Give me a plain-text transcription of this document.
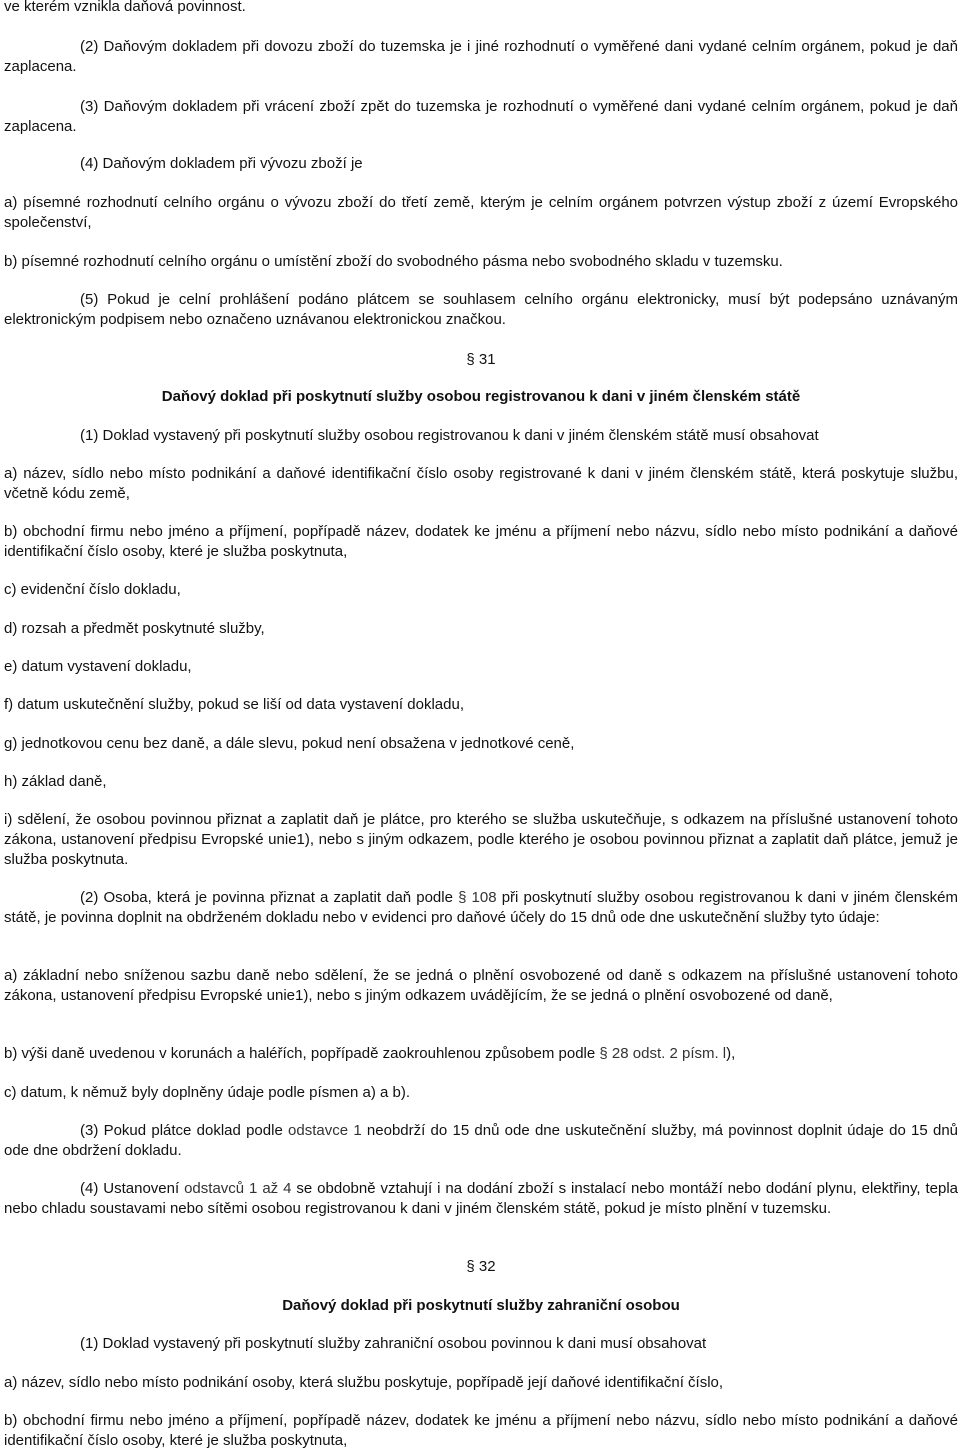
ve kterém vznikla daňová povinnost.

(2) Daňovým dokladem při dovozu zboží do tuzemska je i jiné rozhodnutí o vyměřené dani vydané celním orgánem, pokud je daň zaplacena.

(3) Daňovým dokladem při vrácení zboží zpět do tuzemska je rozhodnutí o vyměřené dani vydané celním orgánem, pokud je daň zaplacena.

(4) Daňovým dokladem při vývozu zboží je

a) písemné rozhodnutí celního orgánu o vývozu zboží do třetí země, kterým je celním orgánem potvrzen výstup zboží z území Evropského společenství,

b) písemné rozhodnutí celního orgánu o umístění zboží do svobodného pásma nebo svobodného skladu v tuzemsku.

(5) Pokud je celní prohlášení podáno plátcem se souhlasem celního orgánu elektronicky, musí být podepsáno uznávaným elektronickým podpisem nebo označeno uznávanou elektronickou značkou.

§ 31

Daňový doklad při poskytnutí služby osobou registrovanou k dani v jiném členském státě

(1) Doklad vystavený při poskytnutí služby osobou registrovanou k dani v jiném členském státě musí obsahovat

a) název, sídlo nebo místo podnikání a daňové identifikační číslo osoby registrované k dani v jiném členském státě, která poskytuje službu, včetně kódu země,

b) obchodní firmu nebo jméno a příjmení, popřípadě název, dodatek ke jménu a příjmení nebo názvu, sídlo nebo místo podnikání a daňové identifikační číslo osoby, které je služba poskytnuta,

c) evidenční číslo dokladu,

d) rozsah a předmět poskytnuté služby,

e) datum vystavení dokladu,

f) datum uskutečnění služby, pokud se liší od data vystavení dokladu,

g) jednotkovou cenu bez daně, a dále slevu, pokud není obsažena v jednotkové ceně,

h) základ daně,

i) sdělení, že osobou povinnou přiznat a zaplatit daň je plátce, pro kterého se služba uskutečňuje, s odkazem na příslušné ustanovení tohoto zákona, ustanovení předpisu Evropské unie1), nebo s jiným odkazem, podle kterého je osobou povinnou přiznat a zaplatit daň plátce, jemuž je služba poskytnuta.

(2) Osoba, která je povinna přiznat a zaplatit daň podle § 108 při poskytnutí služby osobou registrovanou k dani v jiném členském státě, je povinna doplnit na obdrženém dokladu nebo v evidenci pro daňové účely do 15 dnů ode dne uskutečnění služby tyto údaje:

a) základní nebo sníženou sazbu daně nebo sdělení, že se jedná o plnění osvobozené od daně s odkazem na příslušné ustanovení tohoto zákona, ustanovení předpisu Evropské unie1), nebo s jiným odkazem uvádějícím, že se jedná o plnění osvobozené od daně,

b) výši daně uvedenou v korunách a haléřích, popřípadě zaokrouhlenou způsobem podle § 28 odst. 2 písm. l),

c) datum, k němuž byly doplněny údaje podle písmen a) a b).

(3) Pokud plátce doklad podle odstavce 1 neobdrží do 15 dnů ode dne uskutečnění služby, má povinnost doplnit údaje do 15 dnů ode dne obdržení dokladu.

(4) Ustanovení odstavců 1 až 4 se obdobně vztahují i na dodání zboží s instalací nebo montáží nebo dodání plynu, elektřiny, tepla nebo chladu soustavami nebo sítěmi osobou registrovanou k dani v jiném členském státě, pokud je místo plnění v tuzemsku.

§ 32

Daňový doklad při poskytnutí služby zahraniční osobou

(1) Doklad vystavený při poskytnutí služby zahraniční osobou povinnou k dani musí obsahovat

a) název, sídlo nebo místo podnikání osoby, která službu poskytuje, popřípadě její daňové identifikační číslo,

b) obchodní firmu nebo jméno a příjmení, popřípadě název, dodatek ke jménu a příjmení nebo názvu, sídlo nebo místo podnikání a daňové identifikační číslo osoby, které je služba poskytnuta,
